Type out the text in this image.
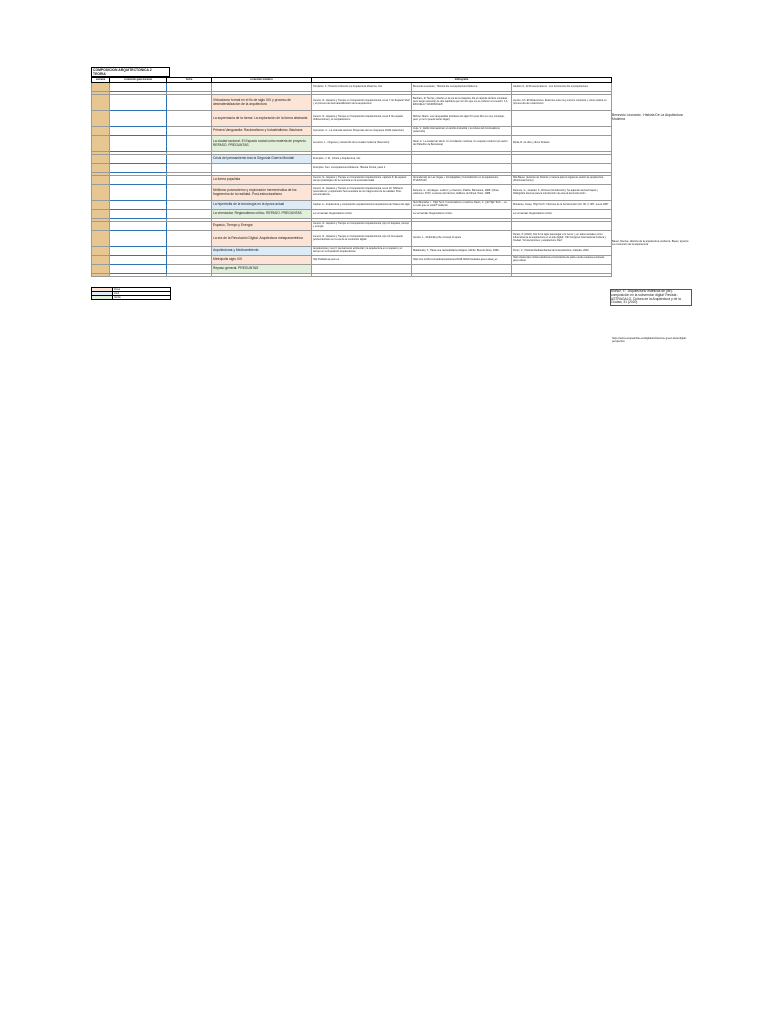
COMPOSICION ARQUITECTONICA 2
TEORIA
semana	contenido guia docente	fecha	contenido temático	bibliografía		
				Tompkins, F.; Historia Crítica De La Arquitectura Moderna, GG	Benevolo Leonardo ; Historia De La Arquitectura Moderna	Giedion S.; El Presente Eterno : Los Comienzos De La Arquitectura

			Virtuosismo formal en el fin de siglo XIX y proceso de desmaterialización de la arquitectura	Cerezo, R., Espacio y Tiempo en Composición Arquitectónica, tema 7: El 'Espacio Vital' y el proceso de desmaterialización de la arquitectura	Banham, R. Teoría y diseño en la era de la máquina. Da el capítulo de libro completo, pero luego selección de dos capítulos que son los que me se refieren a la sesión: 'LA ESCUELA Y ESPAÑOLES'	Jencks, Ch. El Modernismo. Ésta bien esta muy enorme completo y cómo explica su primera ola de modernismo
			La supremacía de la forma: La exploración de la forma abstracta	Cerezo, R., Espacio y Tiempo en Composición Arquitectónica, tema 8: El espacio tridimensional y el neoplasticismo	Richter, Mario. Las vanguardias artísticas del siglo XX (este libro es muy complejo, pero yo no lo puedo hacer llegar)	
			Primera Vanguardia: Racionalismo y Industrialismo. Bauhaus	Aymonino, C., La vivienda racional. Ponencias de los congresos CIAM (selección)	Lluís, V., Estilo Internacional: el cambio industrial y la cultura del funcionalismo (selección)	
			La ciudad racional. El Espacio social como materia de proyecto. REPASO. PREGUNTAS	Lecuona, L., Orígenes y desarrollo de la ciudad moderna (Selección)	Nieto, F., La ciudad de Vacío. Un circulación continua. Un espacio moderno (el sueño del Pabellón de Barcelona)	Roda, R. de dice y dicce Sintaxis

			Crisis del pensamiento tras la Segunda Guerra Mundial	Frampton, J. M., Crítica y Arquitectura, GG		
				Frampton, Ken, La Arquitectura Moderna, Historia Crítica, parte 2		

			La forma populista	Cerezo, R., Espacio y Tiempo en Composición Arquitectónica, capítulo 9: El espacio tiempo psicológico de la memoria en la posmodernidad	Aprendiendo de Las Vegas + Complejidad y Contradicción en la arquitectura, R.VENTURI	Rita Bauer, (lecturas de historia y manera para la siguiente sesión de arquitectura (Postmodernismo)
			Nihilismo posmoderno y exploración hermenéutica de los fragmentos de la realidad. Post-estructuralismo	Cerezo, R., Espacio y Tiempo en Composición Arquitectónica, tema 10: Nihilismo posmoderno y exploración hermenéutica de los fragmentos de la realidad. Post-estructuralismo	Deleuze, G., El pliegue. Leibniz y el barroco. Paidós, Barcelona, 1989. (Otras ediciones: FCP). Lecturas del barroco, Editions de Minuit, Paris, 1988.	Deleuze, G., Guattari, F., Rizoma (Introducción). Se adjuntan textos/mapas y bibliografía diversa para la introducción de esta al deconstrucción
			La hipertrofia de la tecnología en la época actual	Capitel, A., Arquitectura y composición arquitectónica la arquitectura de finales del siglo	Sulzi Montaña, I., High Tech: Funcionalismo o retórica. Davis, C. 'j,El High Tech ... es su esto que es estilo?' Editorial	Montaner, Josep, 'High Tech': Informes de la Construcción Vol. 38, nº 387, enero 1987
			La vernacular. Regionalismo crítico. REPASO. PREGUNTAS	La vernacular. Regionalismo crítico.	La vernacular. Regionalismo crítico.	La vernacular. Regionalismo crítico.

			Espacio, Tiempo y Energía	Cerezo, R., Espacio y Tiempo en Composición Arquitectónica, tipo 11: Espacio, tiempo y energía		
			La era de la Revolución Digital. Arquitectura metaparamétrica	Cerezo, R., Espacio y Tiempo en Composición Arquitectónica, tipo 12: El espacio poshumanístico en la era de la revolución digital	Jencks, L., Rethinking the concept of space	Partes, P. (2020), 'Del fin al siglo para llegar a lo 'tenor' y en todos actuales como influencias de la arquitectura en el arte digital'. XIII Congreso Internacional Cultura y Ciudad, 'Consumiciones y arquitectura: Red'
			Arquitecturas y Medioambiente.	Arquitecturas y sup.3: pensamiento ambiental y la arquitectura en el espacio y el tiempo en Composición Arquitectónica	Maldonado, T., Hacia una racionalidad ecológica. Infinito, Buenos Aires, 1999.	Perez, V., Historia Medioambiental de la Arquitectura. Cátedra, 2020
			Metrópolis siglo XXI	http://habitat.aq.upm.es	https://es.scribd.com/articles/opiniones/2018-30/01/ciudades-green-ideal_es	https://www.dam-milano.de/dos-la-convocatoria-de-parte-verde-europea-european-green-ideal
			Repaso general. PREGUNTAS			

	Rosa
	Azul
	Verde
Benevolo Leonardo ; Historia De La Arquitectura Moderna
Bauer, Denise; Historia de la arquitectura moderna; Bauer, Ignacio: La revolución de la arquitectura
Muñoz, F.: 'Arquitectura: estéticas de (de)-composición en la subversión digital' Revista : ASTRAGALO. Cultura de la Arquitectura y de la Ciudad, 31 (2020)
https://www.europeanfiles.eu/digital/architecture-green-ideal-digital-perspective
